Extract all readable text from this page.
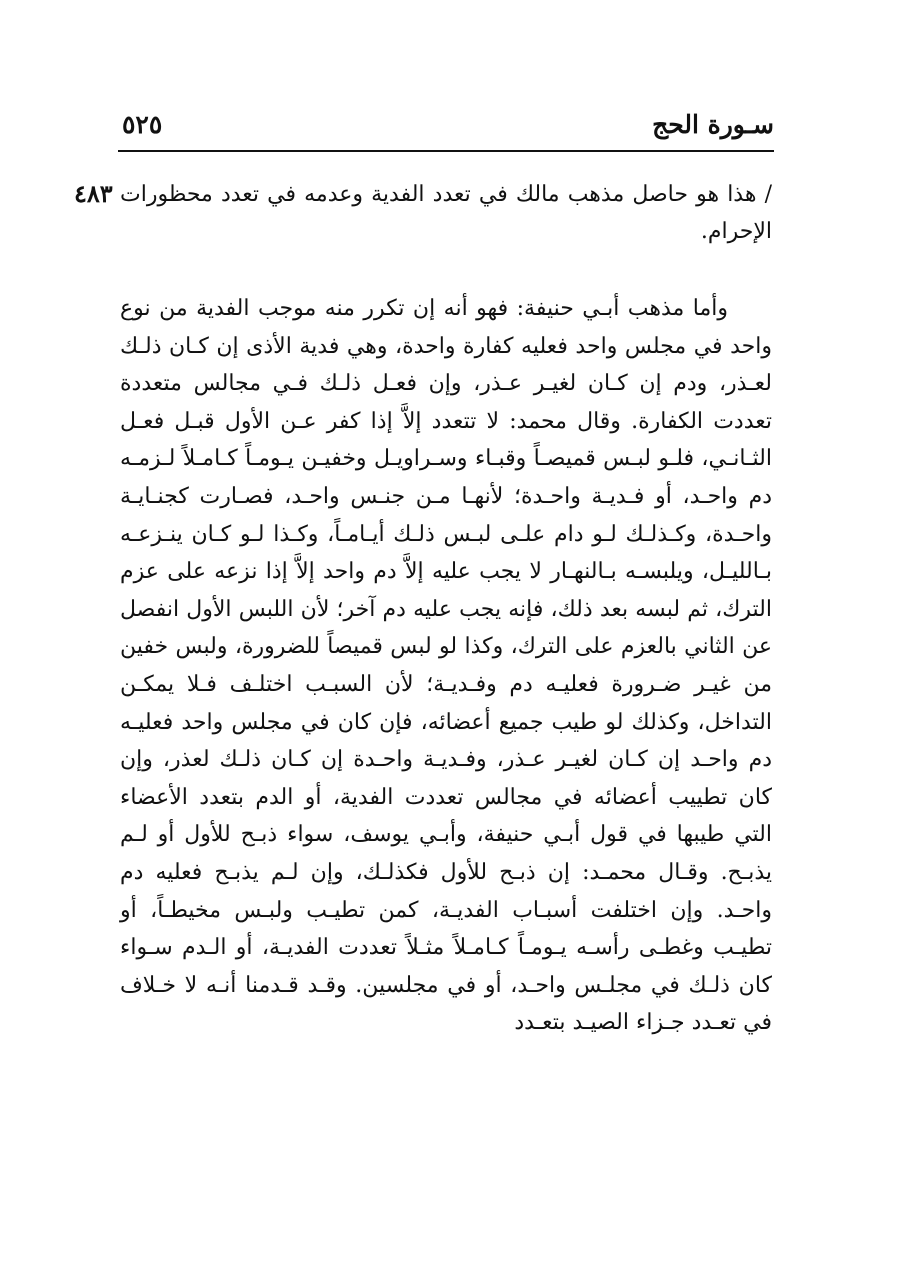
سـورة الحج
٥٢٥
٤٨٣ / هذا هو حاصل مذهب مالك في تعدد الفدية وعدمه في تعدد محظورات الإحرام.

وأما مذهب أبـي حنيفة: فهو أنه إن تكرر منه موجب الفدية من نوع واحد في مجلس واحد فعليه كفارة واحدة، وهي فدية الأذى إن كـان ذلـك لعـذر، ودم إن كـان لغيـر عـذر، وإن فعـل ذلـك فـي مجالس متعددة تعددت الكفارة. وقال محمد: لا تتعدد إلاَّ إذا كفر عـن الأول قبـل فعـل الثـانـي، فلـو لبـس قميصـاً وقبـاء وسـراويـل وخفيـن يـومـاً كـامـلاً لـزمـه دم واحـد، أو فـديـة واحـدة؛ لأنهـا مـن جنـس واحـد، فصـارت كجنـايـة واحـدة، وكـذلـك لـو دام علـى لبـس ذلـك أيـامـاً، وكـذا لـو كـان ينـزعـه بـالليـل، ويلبسـه بـالنهـار لا يجب عليه إلاَّ دم واحد إلاَّ إذا نزعه على عزم الترك، ثم لبسه بعد ذلك، فإنه يجب عليه دم آخر؛ لأن اللبس الأول انفصل عن الثاني بالعزم على الترك، وكذا لو لبس قميصاً للضرورة، ولبس خفين من غيـر ضـرورة فعليـه دم وفـديـة؛ لأن السبـب اختلـف فـلا يمكـن التداخل، وكذلك لو طيب جميع أعضائه، فإن كان في مجلس واحد فعليـه دم واحـد إن كـان لغيـر عـذر، وفـديـة واحـدة إن كـان ذلـك لعذر، وإن كان تطييب أعضائه في مجالس تعددت الفدية، أو الدم بتعدد الأعضاء التي طيبها في قول أبـي حنيفة، وأبـي يوسف، سواء ذبـح للأول أو لـم يذبـح. وقـال محمـد: إن ذبـح للأول فكذلـك، وإن لـم يذبـح فعليه دم واحـد. وإن اختلفت أسبـاب الفديـة، كمن تطيـب ولبـس مخيطـاً، أو تطيـب وغطـى رأسـه يـومـاً كـامـلاً مثـلاً تعددت الفديـة، أو الـدم سـواء كان ذلـك في مجلـس واحـد، أو في مجلسين. وقـد قـدمنا أنـه لا خـلاف في تعـدد جـزاء الصيـد بتعـدد
